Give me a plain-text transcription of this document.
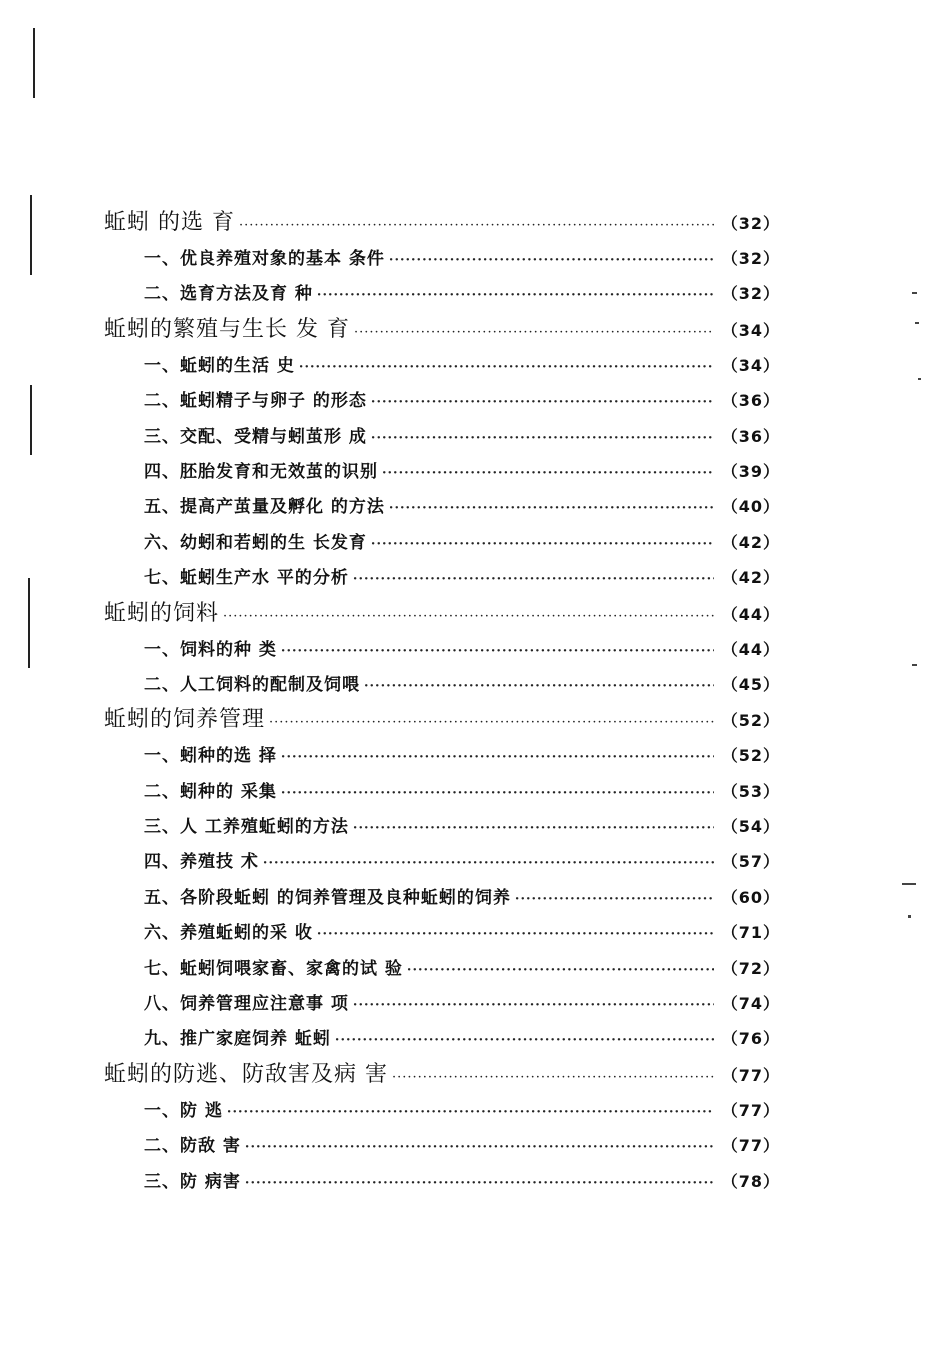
蚯蚓 的选 育 ·····	（32）
一、优良养殖对象的基本 条件 ·····	（32）
二、选育方法及育 种 ·····	（32）
蚯蚓的繁殖与生长 发 育 ·····	（34）
一、蚯蚓的生活 史 ·····	（34）
二、蚯蚓精子与卵子 的形态 ·····	（36）
三、交配、受精与蚓茧形 成 ·····	（36）
四、胚胎发育和无效茧的识别 ·····	（39）
五、提高产茧量及孵化 的方法 ·····	（40）
六、幼蚓和若蚓的生 长发育 ·····	（42）
七、蚯蚓生产水 平的分析 ·····	（42）
蚯蚓的饲料 ·····	（44）
一、饲料的种 类 ·····	（44）
二、人工饲料的配制及饲喂 ·····	（45）
蚯蚓的饲养管理 ·····	（52）
一、蚓种的选 择 ·····	（52）
二、蚓种的 采集 ·····	（53）
三、人 工养殖蚯蚓的方法 ·····	（54）
四、养殖技 术 ·····	（57）
五、各阶段蚯蚓 的饲养管理及良种蚯蚓的饲养 ·····	（60）
六、养殖蚯蚓的采 收 ·····	（71）
七、蚯蚓饲喂家畜、家禽的试 验 ·····	（72）
八、饲养管理应注意事 项 ·····	（74）
九、推广家庭饲养 蚯蚓 ·····	（76）
蚯蚓的防逃、防敌害及病 害 ·····	（77）
一、防 逃 ·····	（77）
二、防敌 害 ·····	（77）
三、防 病害 ·····	（78）
